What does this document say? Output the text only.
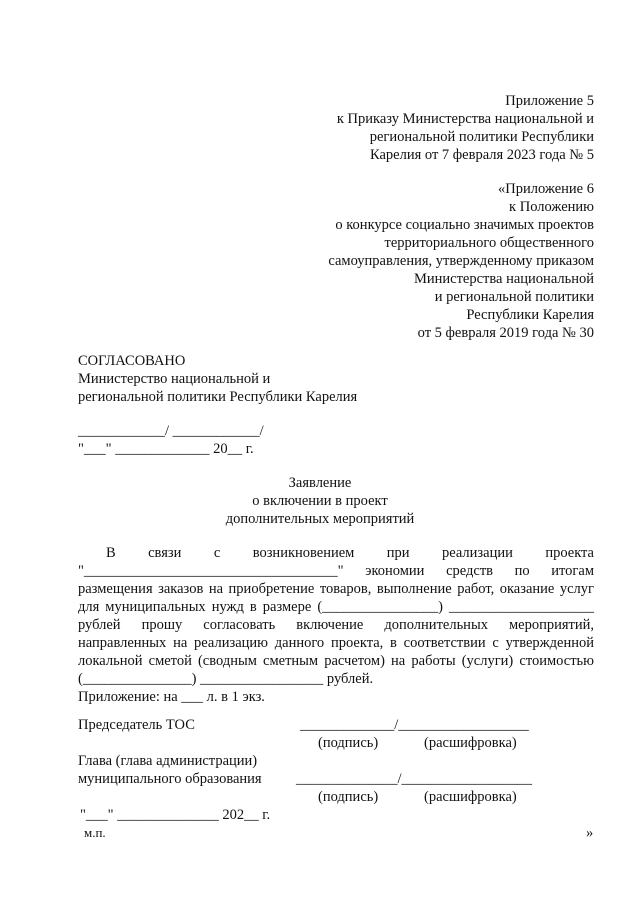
Приложение 5
к Приказу Министерства национальной и
региональной политики Республики
Карелия от 7 февраля 2023 года № 5
«Приложение 6
к Положению
о конкурсе социально значимых проектов
территориального общественного
самоуправления, утвержденному приказом
Министерства национальной
и региональной политики
Республики Карелия
от 5 февраля 2019 года № 30
СОГЛАСОВАНО
Министерство национальной и
региональной политики Республики Карелия
____________/ ____________/
"___" _____________ 20__ г.
Заявление
о включении в проект
дополнительных мероприятий
В связи с возникновением при реализации проекта
"___________________________________" экономии средств по итогам
размещения заказов на приобретение товаров, выполнение работ, оказание услуг
для муниципальных нужд в размере (________________) ____________________
рублей прошу согласовать включение дополнительных мероприятий,
направленных на реализацию данного проекта, в соответствии с утвержденной
локальной сметой (сводным сметным расчетом) на работы (услуги) стоимостью
(_______________) _________________ рублей.
Приложение: на ___ л. в 1 экз.
Председатель ТОС	_____________/__________________
(подпись)	(расшифровка)
Глава (глава администрации)
муниципального образования ______________/__________________
(подпись)	(расшифровка)
"___" ______________ 202__ г.
м.п.	»
